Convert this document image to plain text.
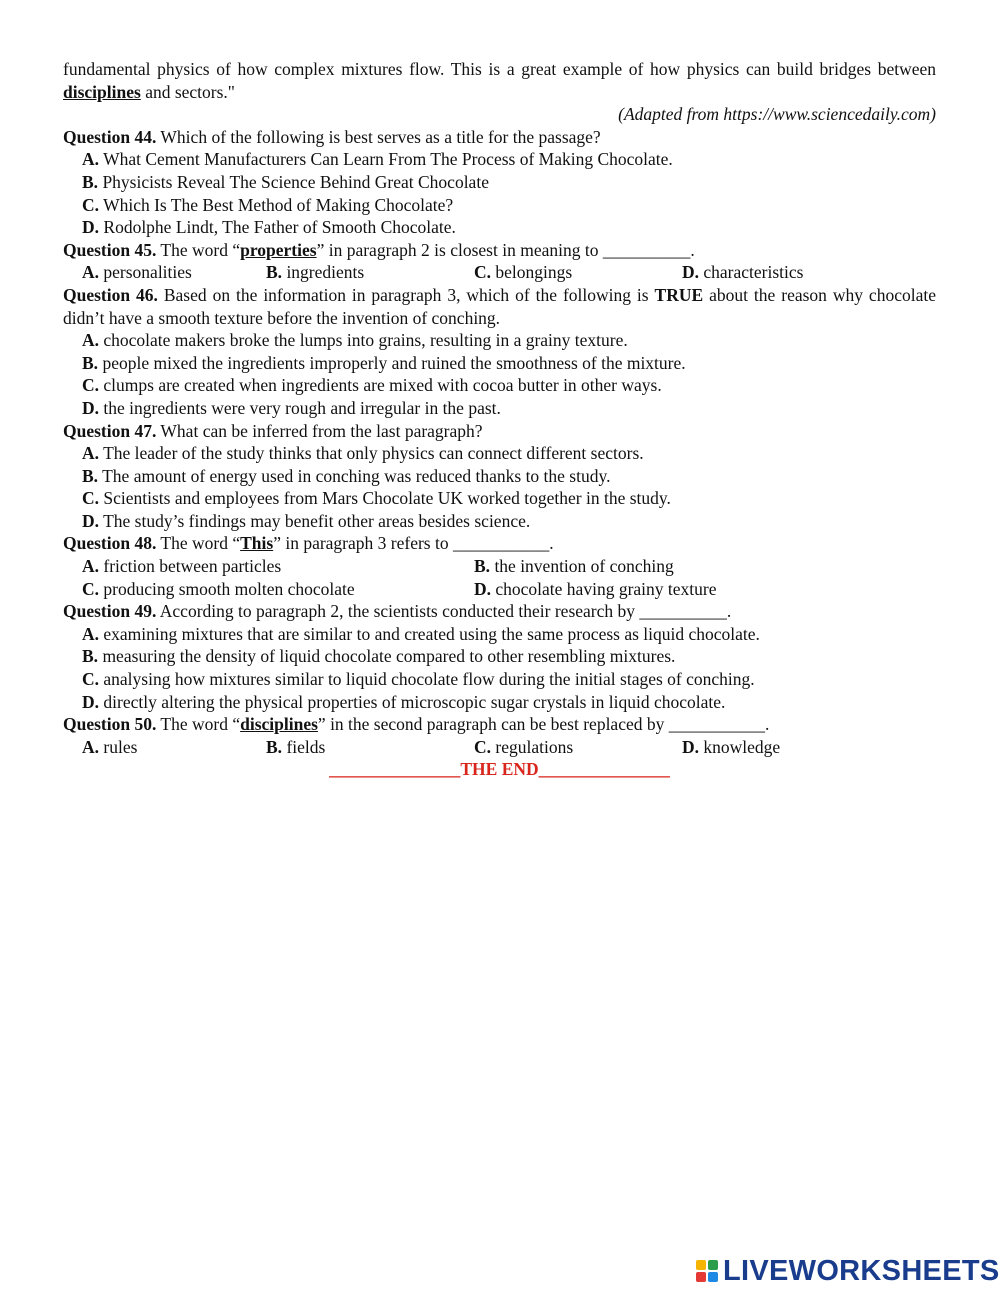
fundamental physics of how complex mixtures flow. This is a great example of how physics can build bridges between disciplines and sectors."

(Adapted from https://www.sciencedaily.com)

Question 44. Which of the following is best serves as a title for the passage?

A. What Cement Manufacturers Can Learn From The Process of Making Chocolate.

B. Physicists Reveal The Science Behind Great Chocolate

C. Which Is The Best Method of Making Chocolate?

D. Rodolphe Lindt, The Father of Smooth Chocolate.

Question 45. The word “properties” in paragraph 2 is closest in meaning to __________.

A. personalities	B. ingredients	C. belongings	D. characteristics

Question 46. Based on the information in paragraph 3, which of the following is TRUE about the reason why chocolate didn’t have a smooth texture before the invention of conching.

A. chocolate makers broke the lumps into grains, resulting in a grainy texture.

B. people mixed the ingredients improperly and ruined the smoothness of the mixture.

C. clumps are created when ingredients are mixed with cocoa butter in other ways.

D. the ingredients were very rough and irregular in the past.

Question 47. What can be inferred from the last paragraph?

A. The leader of the study thinks that only physics can connect different sectors.

B. The amount of energy used in conching was reduced thanks to the study.

C. Scientists and employees from Mars Chocolate UK worked together in the study.

D. The study’s findings may benefit other areas besides science.

Question 48. The word “This” in paragraph 3 refers to ___________.

A. friction between particles	B. the invention of conching
C. producing smooth molten chocolate	D. chocolate having grainy texture

Question 49. According to paragraph 2, the scientists conducted their research by __________.

A. examining mixtures that are similar to and created using the same process as liquid chocolate.

B. measuring the density of liquid chocolate compared to other resembling mixtures.

C. analysing how mixtures similar to liquid chocolate flow during the initial stages of conching.

D. directly altering the physical properties of microscopic sugar crystals in liquid chocolate.

Question 50. The word “disciplines” in the second paragraph can be best replaced by ___________.

A. rules	B. fields	C. regulations	D. knowledge

_______________THE END_______________

LIVEWORKSHEETS
